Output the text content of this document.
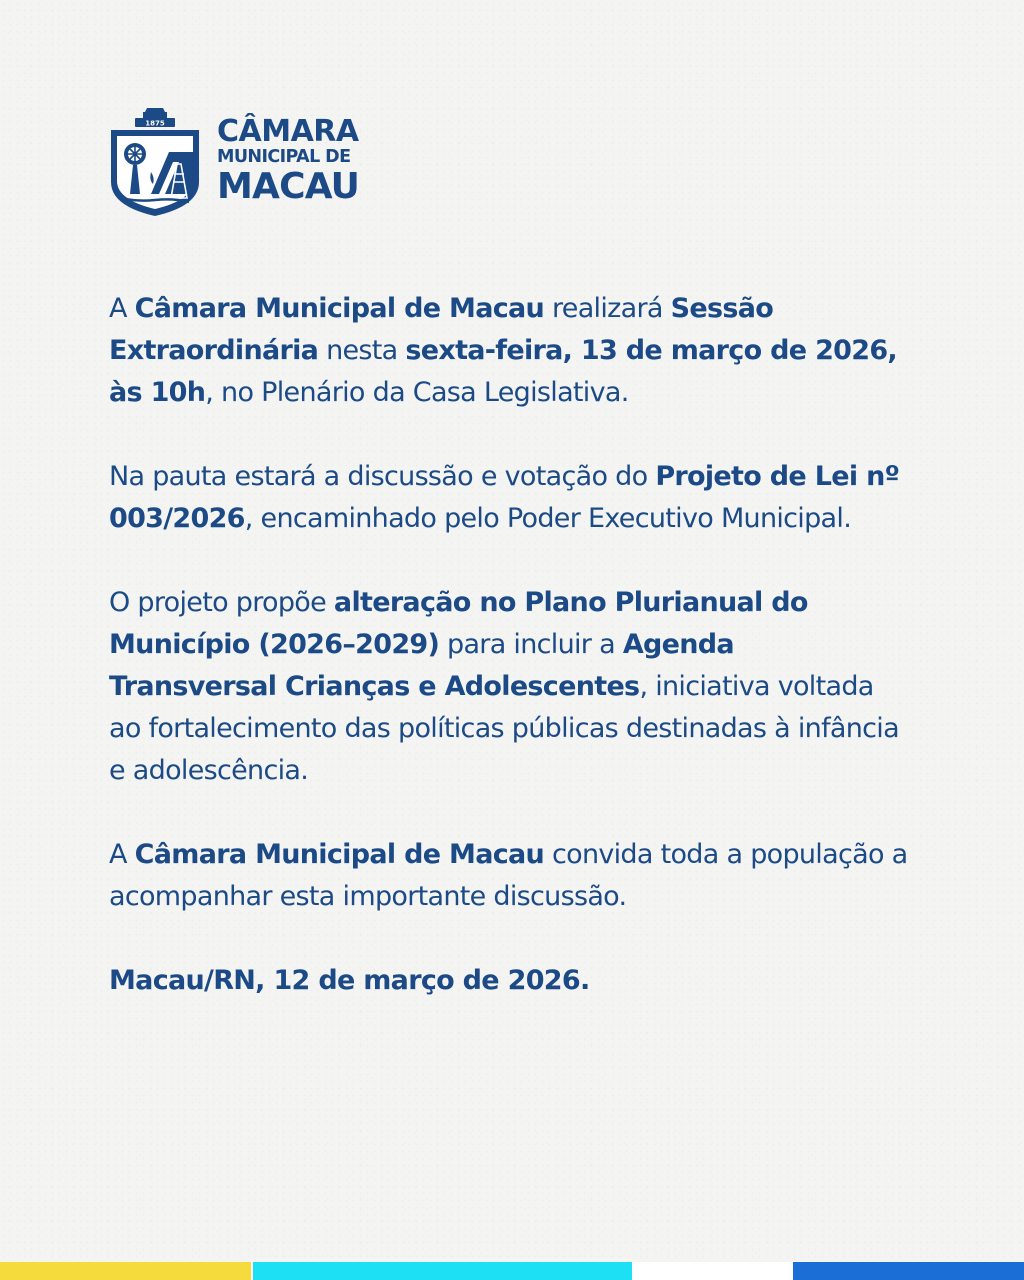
1875 CÂMARA
MUNICIPAL DE
MACAU

A Câmara Municipal de Macau realizará Sessão Extraordinária nesta sexta-feira, 13 de março de 2026, às 10h, no Plenário da Casa Legislativa.

Na pauta estará a discussão e votação do Projeto de Lei nº 003/2026, encaminhado pelo Poder Executivo Municipal.

O projeto propõe alteração no Plano Plurianual do Município (2026–2029) para incluir a Agenda Transversal Crianças e Adolescentes, iniciativa voltada ao fortalecimento das políticas públicas destinadas à infância e adolescência.

A Câmara Municipal de Macau convida toda a população a acompanhar esta importante discussão.

Macau/RN, 12 de março de 2026.
